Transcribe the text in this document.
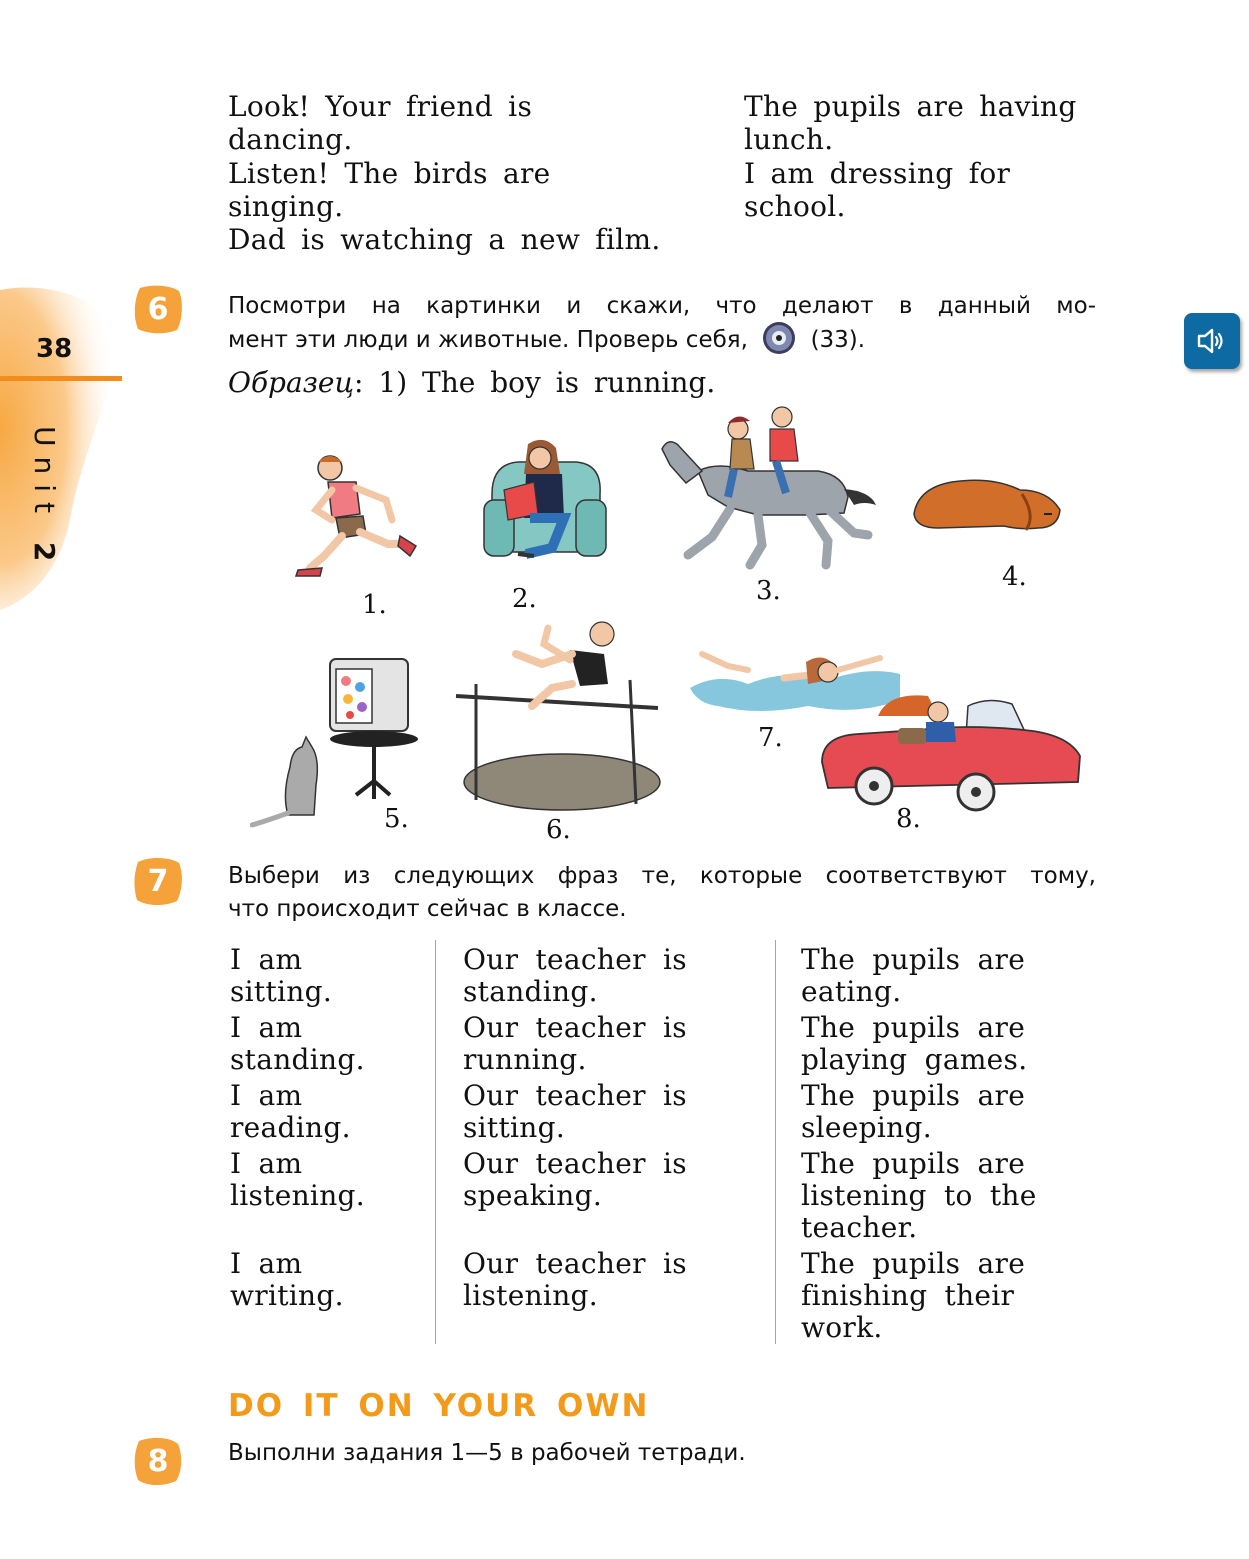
38
Unit 2
Look! Your friend is
dancing.
Listen! The birds are
singing.
Dad is watching a new film.
The pupils are having
lunch.
I am dressing for
school.
6	Посмотри на картинки и скажи, что делают в данный мо-
мент эти люди и животные. Проверь себя,	(33).
Образец: 1) The boy is running.
1.	2.	3.	4.
5.	6.
7.
8.
7	Выбери из следующих фраз те, которые соответствуют тому,
что происходит сейчас в классе.
I am
sitting.
I am
standing.
I am
reading.
I am
listening.
I am
writing.
Our teacher is
standing.
Our teacher is
running.
Our teacher is
sitting.
Our teacher is
speaking.
Our teacher is
listening.
The pupils are
eating.
The pupils are
playing games.
The pupils are
sleeping.
The pupils are
listening to the
teacher.
The pupils are
finishing their
work.
DO IT ON YOUR OWN
8	Выполни задания 1—5 в рабочей тетради.
